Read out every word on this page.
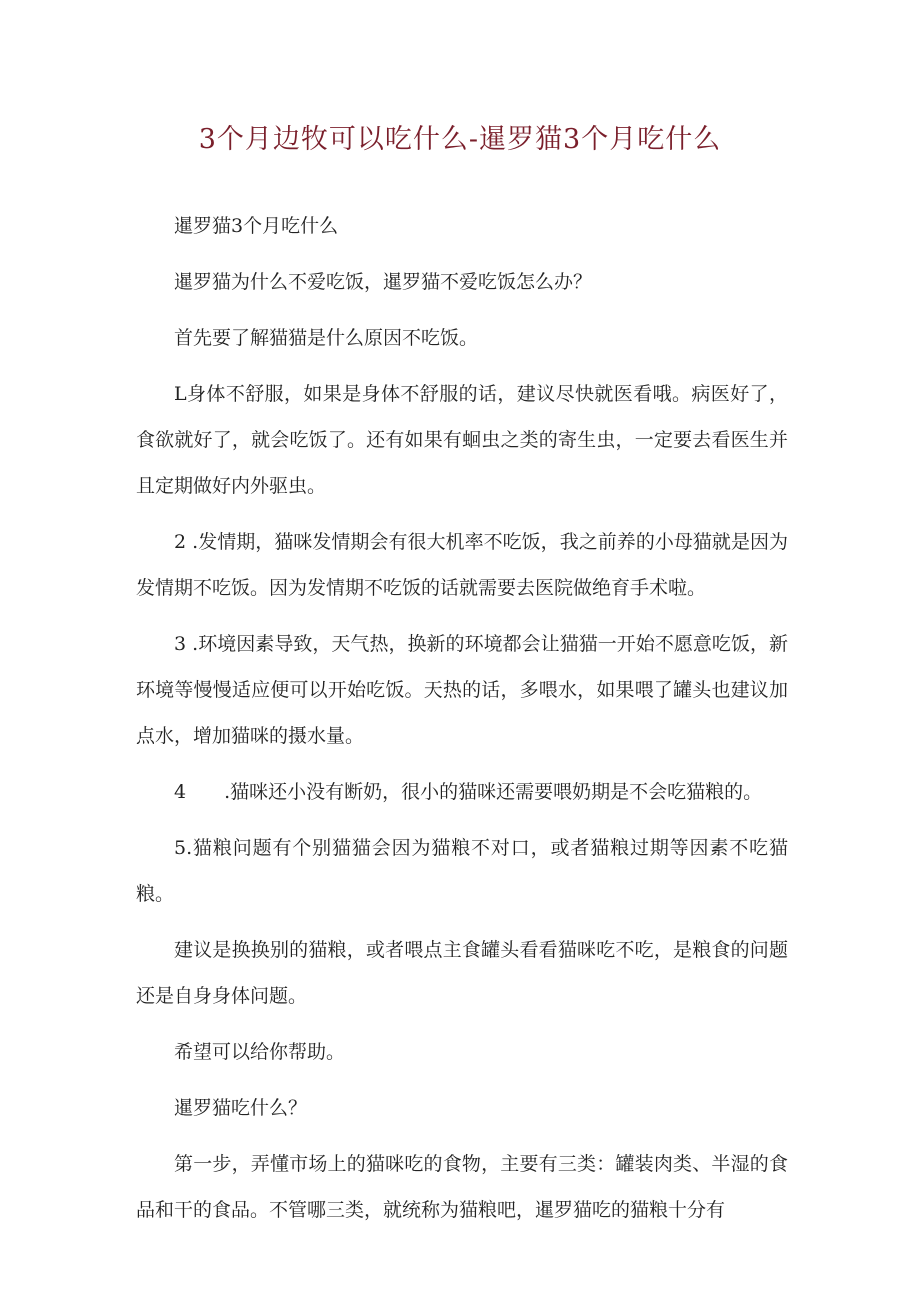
3个月边牧可以吃什么-暹罗猫3个月吃什么

暹罗猫3个月吃什么

暹罗猫为什么不爱吃饭，暹罗猫不爱吃饭怎么办？

首先要了解猫猫是什么原因不吃饭。

L身体不舒服，如果是身体不舒服的话，建议尽快就医看哦。病医好了，食欲就好了，就会吃饭了。还有如果有蛔虫之类的寄生虫，一定要去看医生并且定期做好内外驱虫。

2 .发情期，猫咪发情期会有很大机率不吃饭，我之前养的小母猫就是因为发情期不吃饭。因为发情期不吃饭的话就需要去医院做绝育手术啦。

3 .环境因素导致，天气热，换新的环境都会让猫猫一开始不愿意吃饭，新环境等慢慢适应便可以开始吃饭。天热的话，多喂水，如果喂了罐头也建议加点水，增加猫咪的摄水量。

4　　.猫咪还小没有断奶，很小的猫咪还需要喂奶期是不会吃猫粮的。

5.猫粮问题有个别猫猫会因为猫粮不对口，或者猫粮过期等因素不吃猫粮。

建议是换换别的猫粮，或者喂点主食罐头看看猫咪吃不吃，是粮食的问题还是自身身体问题。

希望可以给你帮助。

暹罗猫吃什么？

第一步，弄懂市场上的猫咪吃的食物，主要有三类：罐装肉类、半湿的食品和干的食品。不管哪三类，就统称为猫粮吧，暹罗猫吃的猫粮十分有
